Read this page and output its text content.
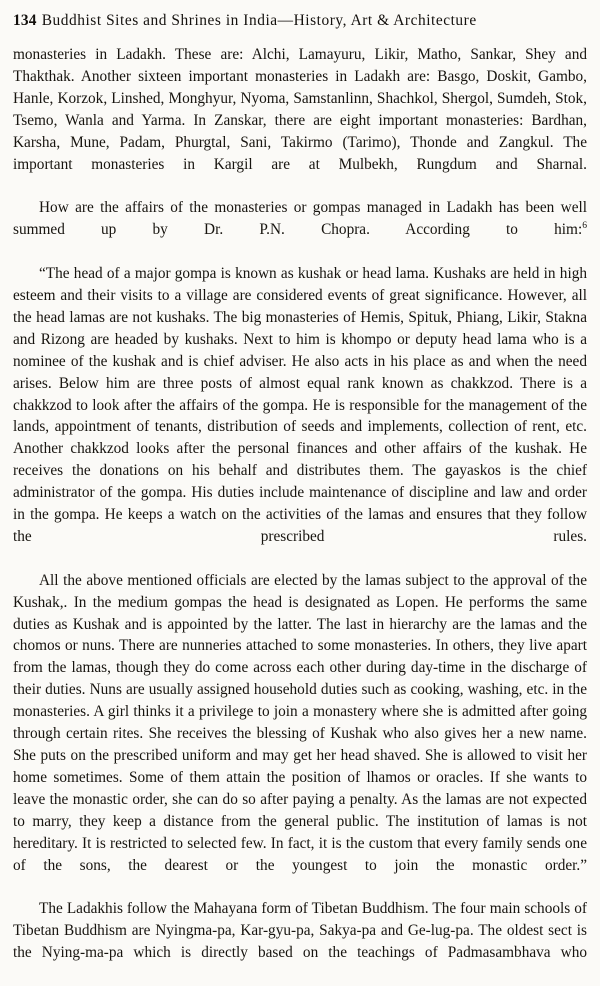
134 Buddhist Sites and Shrines in India—History, Art & Architecture

monasteries in Ladakh. These are: Alchi, Lamayuru, Likir, Matho, Sankar, Shey and Thakthak. Another sixteen important monasteries in Ladakh are: Basgo, Doskit, Gambo, Hanle, Korzok, Linshed, Monghyur, Nyoma, Samstanlinn, Shachkol, Shergol, Sumdeh, Stok, Tsemo, Wanla and Yarma. In Zanskar, there are eight important monasteries: Bardhan, Karsha, Mune, Padam, Phurgtal, Sani, Takirmo (Tarimo), Thonde and Zangkul. The important monasteries in Kargil are at Mulbekh, Rungdum and Sharnal.

How are the affairs of the monasteries or gompas managed in Ladakh has been well summed up by Dr. P.N. Chopra. According to him:$^6$

“The head of a major gompa is known as kushak or head lama. Kushaks are held in high esteem and their visits to a village are considered events of great significance. However, all the head lamas are not kushaks. The big monasteries of Hemis, Spituk, Phiang, Likir, Stakna and Rizong are headed by kushaks. Next to him is khompo or deputy head lama who is a nominee of the kushak and is chief adviser. He also acts in his place as and when the need arises. Below him are three posts of almost equal rank known as chakkzod. There is a chakkzod to look after the affairs of the gompa. He is responsible for the management of the lands, appointment of tenants, distribution of seeds and implements, collection of rent, etc. Another chakkzod looks after the personal finances and other affairs of the kushak. He receives the donations on his behalf and distributes them. The gayaskos is the chief administrator of the gompa. His duties include maintenance of discipline and law and order in the gompa. He keeps a watch on the activities of the lamas and ensures that they follow the prescribed rules.

All the above mentioned officials are elected by the lamas subject to the approval of the Kushak,. In the medium gompas the head is designated as Lopen. He performs the same duties as Kushak and is appointed by the latter. The last in hierarchy are the lamas and the chomos or nuns. There are nunneries attached to some monasteries. In others, they live apart from the lamas, though they do come across each other during day-time in the discharge of their duties. Nuns are usually assigned household duties such as cooking, washing, etc. in the monasteries. A girl thinks it a privilege to join a monastery where she is admitted after going through certain rites. She receives the blessing of Kushak who also gives her a new name. She puts on the prescribed uniform and may get her head shaved. She is allowed to visit her home sometimes. Some of them attain the position of lhamos or oracles. If she wants to leave the monastic order, she can do so after paying a penalty. As the lamas are not expected to marry, they keep a distance from the general public. The institution of lamas is not hereditary. It is restricted to selected few. In fact, it is the custom that every family sends one of the sons, the dearest or the youngest to join the monastic order.”

The Ladakhis follow the Mahayana form of Tibetan Buddhism. The four main schools of Tibetan Buddhism are Nyingma-pa, Kar-gyu-pa, Sakya-pa and Ge-lug-pa. The oldest sect is the Nying-ma-pa which is directly based on the teachings of Padmasambhava who
